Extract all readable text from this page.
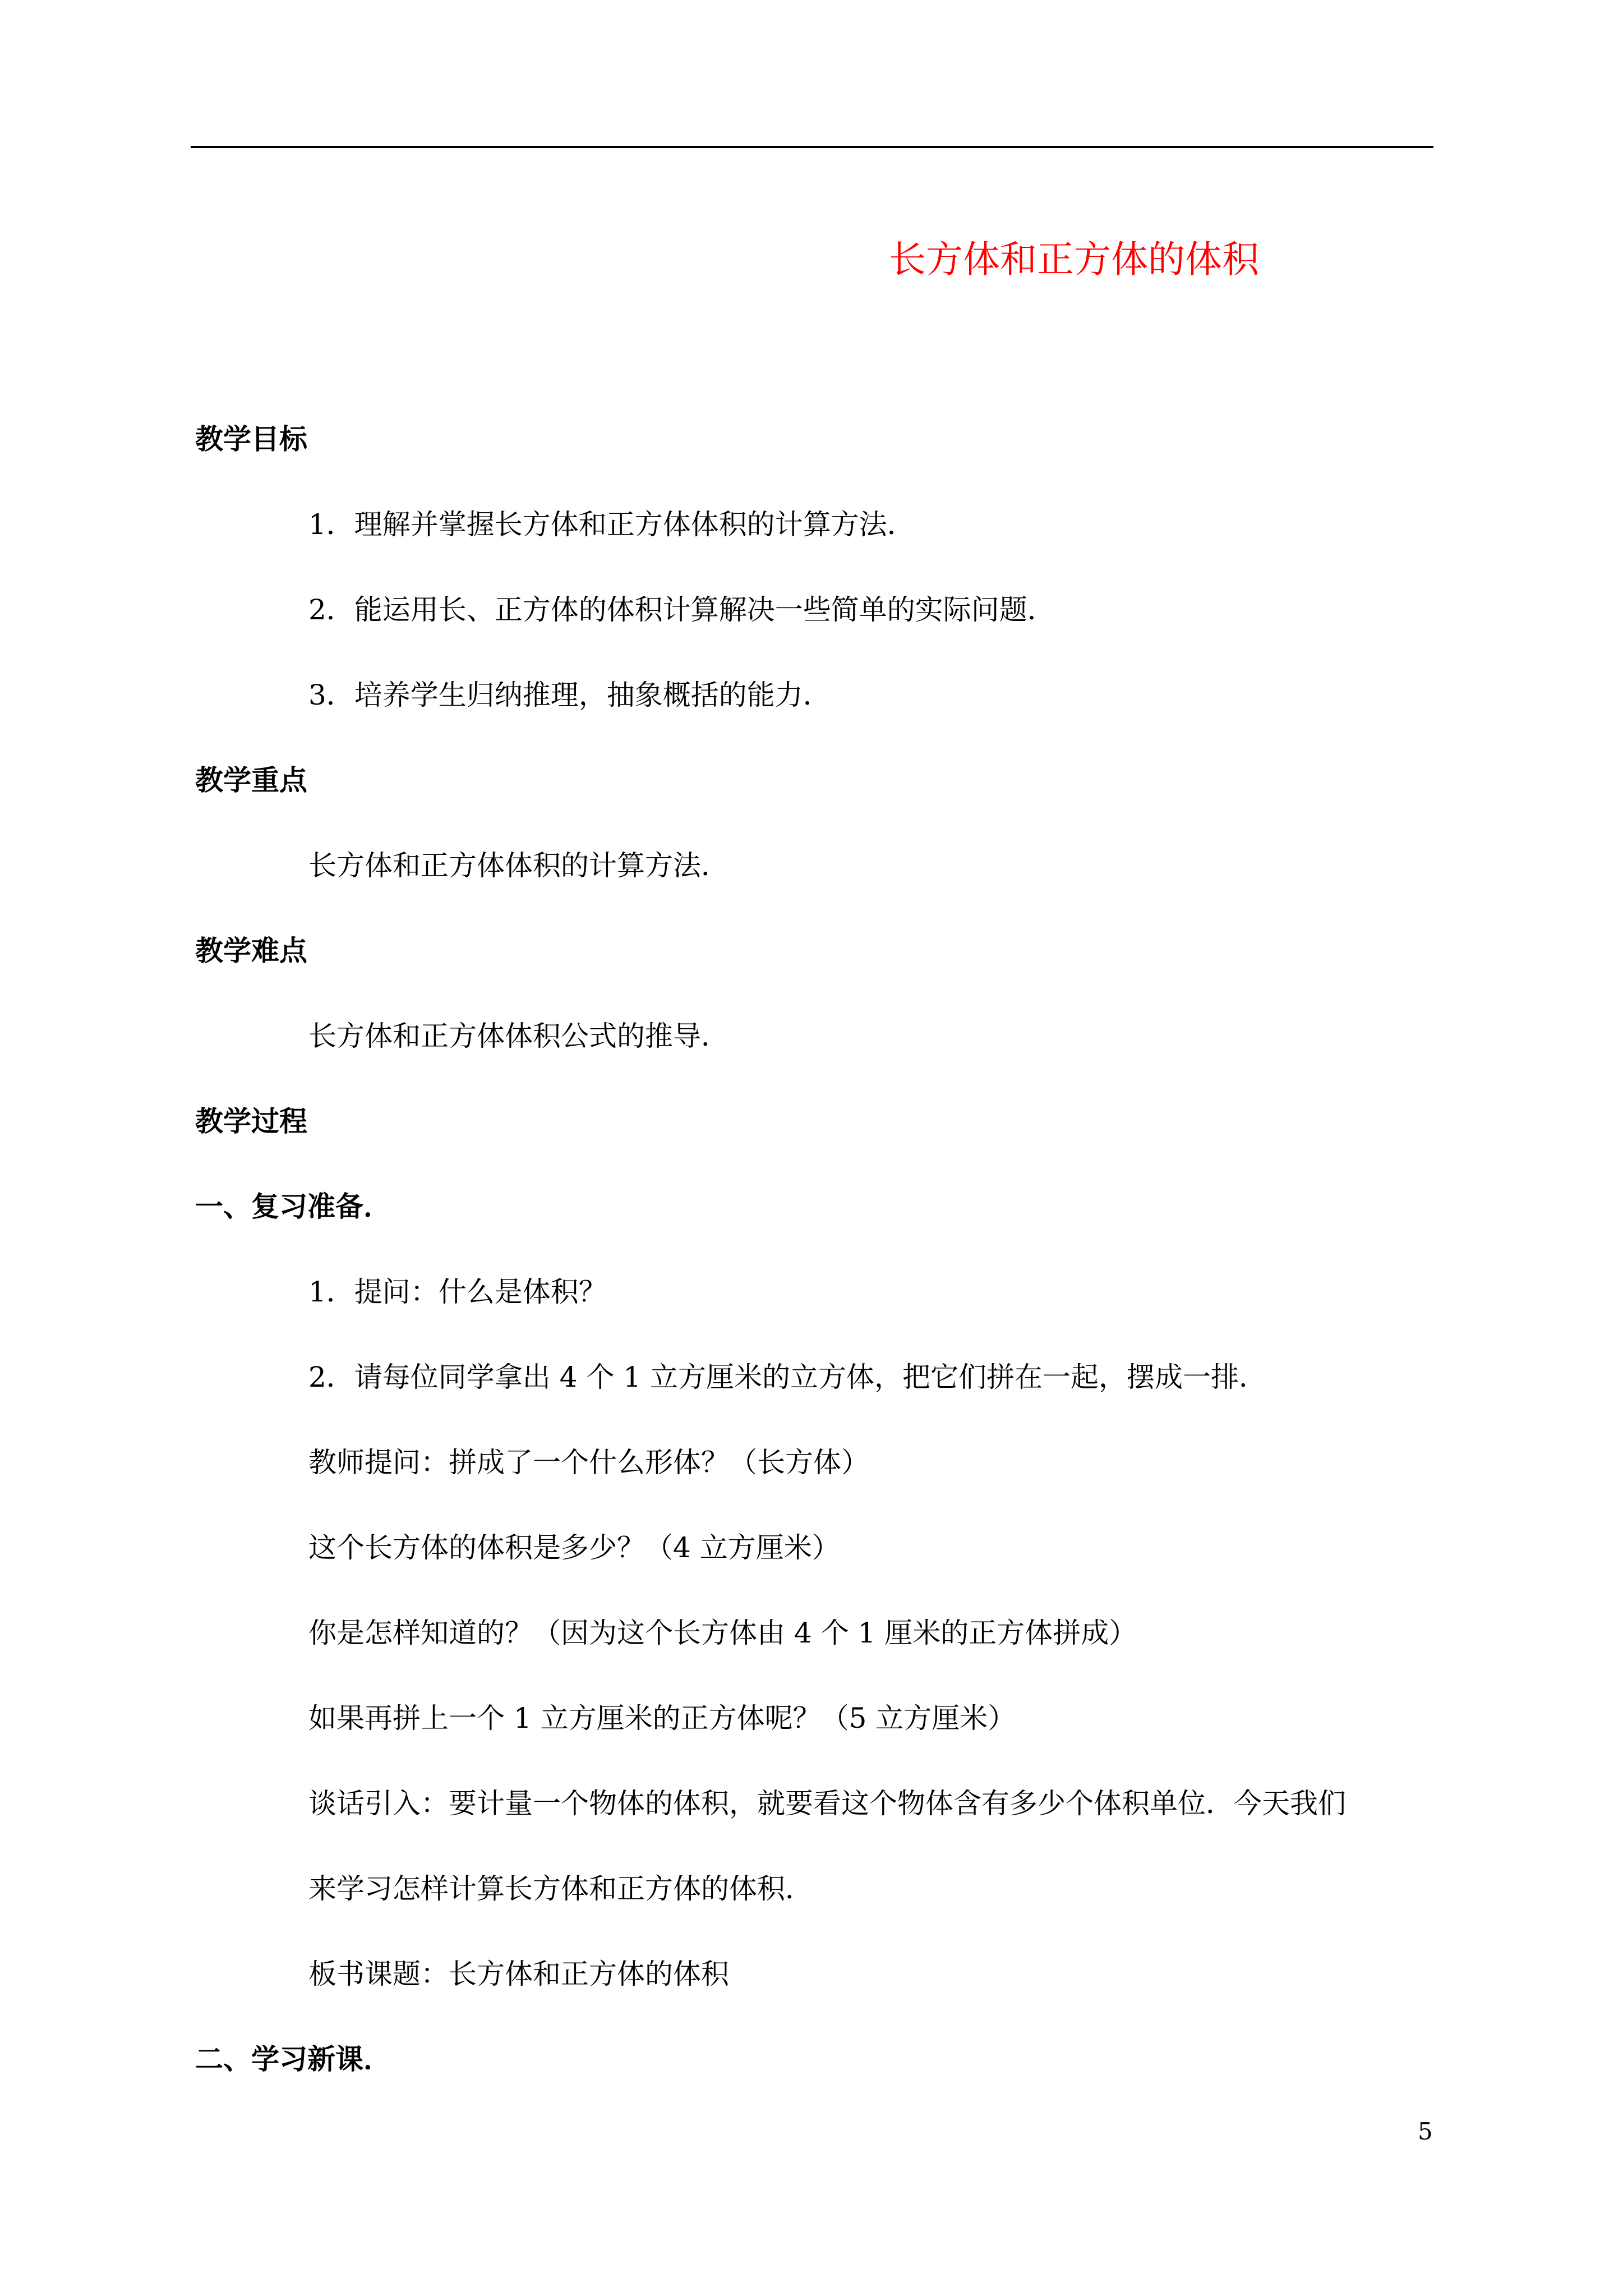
长方体和正方体的体积
教学目标
1．理解并掌握长方体和正方体体积的计算方法．
2．能运用长、正方体的体积计算解决一些简单的实际问题．
3．培养学生归纳推理，抽象概括的能力．
教学重点
长方体和正方体体积的计算方法．
教学难点
长方体和正方体体积公式的推导．
教学过程
一、复习准备．
1．提问：什么是体积？
2．请每位同学拿出 4 个 1 立方厘米的立方体，把它们拼在一起，摆成一排．
教师提问：拼成了一个什么形体？（长方体）
这个长方体的体积是多少？（4 立方厘米）
你是怎样知道的？（因为这个长方体由 4 个 1 厘米的正方体拼成）
如果再拼上一个 1 立方厘米的正方体呢？（5 立方厘米）
谈话引入：要计量一个物体的体积，就要看这个物体含有多少个体积单位．今天我们
来学习怎样计算长方体和正方体的体积．
板书课题：长方体和正方体的体积
二、学习新课．
5
